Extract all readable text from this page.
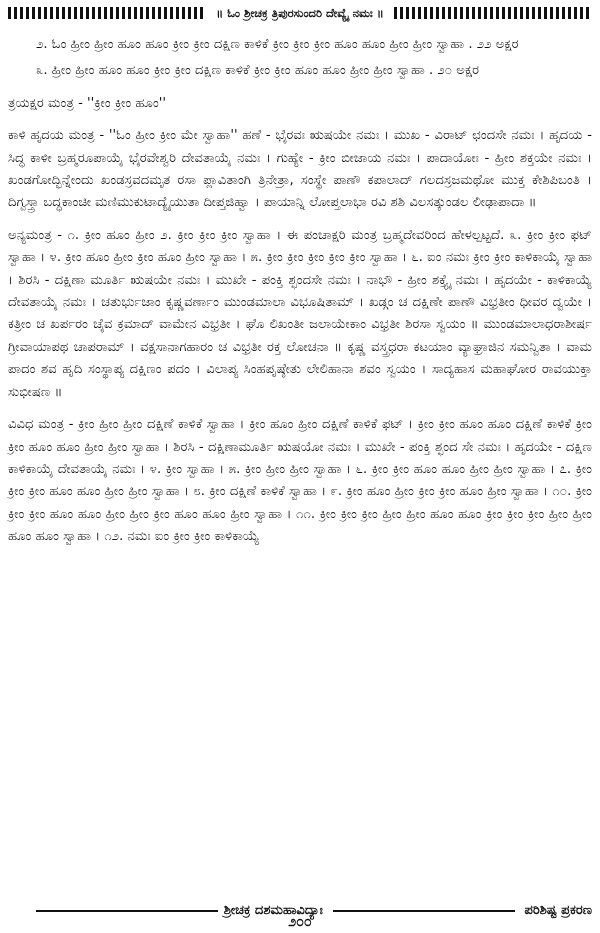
॥ ಓಂ ಶ್ರೀಚಕ್ರ ತ್ರಿಪುರಸುಂದರಿ ದೇವ್ಯೈ ನಮಃ ॥

೨. ಓಂ ಹ್ರೀಂ ಹ್ರೀಂ ಹೂಂ ಹೂಂ ಕ್ರೀಂ ಕ್ರೀಂ ದಕ್ಷಿಣ ಕಾಳಿಕೆ ಕ್ರೀಂ ಕ್ರೀಂ ಕ್ರೀಂ ಹೂಂ ಹೂಂ ಹ್ರೀಂ ಹ್ರೀಂ ಸ್ವಾಹಾ . ೨೨ ಅಕ್ಷರ

೩. ಹ್ರೀಂ ಹ್ರೀಂ ಹೂಂ ಹೂಂ ಕ್ರೀಂ ಕ್ರೀಂ ದಕ್ಷಿಣ ಕಾಳಿಕೆ ಕ್ರೀಂ ಕ್ರೀಂ ಹೂಂ ಹೂಂ ಹ್ರೀಂ ಹ್ರೀಂ ಸ್ವಾಹಾ . ೨೦ ಅಕ್ಷರ

ತ್ರಯಕ್ಷರ ಮಂತ್ರ - ''ಕ್ರೀಂ ಕ್ರೀಂ ಹೂಂ''

ಕಾಳಿ ಹೃದಯ ಮಂತ್ರ - ''ಓಂ ಹ್ರೀಂ ಕ್ರೀಂ ಮೇ ಸ್ವಾಹಾ'' ಹಣೆ - ಭೈರವಃ ಋಷಯೇ ನಮಃ । ಮುಖ - ವಿರಾಟ್ ಛಂದಸೇ ನಮಃ । ಹೃದಯ - ಸಿದ್ಧ ಕಾಳೀ ಬ್ರಹ್ಮರೂಪಾಯೈ ಭೈರವೇಶ್ವರಿ ದೇವತಾಯೈ ನಮಃ । ಗುಹ್ಯೇ - ಕ್ರೀಂ ಬೀಜಾಯ ನಮಃ । ಪಾದಾಯೋಃ - ಹ್ರೀಂ ಶಕ್ತಯೇ ನಮಃ । ಖಂಡಗೋದ್ಭಿನ್ನೇಂದು ಖಂಡಸ್ರವದಮೃತ ರಸಾ ಪ್ಲಾವಿತಾಂಗಿ ತ್ರಿನೇತ್ರಾ, ಸಂಸ್ಥೇ ಪಾಣೌ ಕಪಾಲಾದ್ ಗಲದಸ್ರಜಮಥೋ ಮುಕ್ತ ಕೇಶಿಪಿಬಂತಿ । ದಿಗ್ವಸ್ತ್ರಾ ಬದ್ಧಕಾಂಚೀ ಮಣಿಮುಕುಟಾದ್ಯೈಯುತಾ ದೀಪ್ತಜಿಹ್ವಾ । ಪಾಯಾನ್ನಿ ಲೋಪ್ತಲಾಭಾ ರವಿ ಶಶಿ ವಿಲಸತ್ಕುಂಡಲ ಲೀಢಾಪಾದಾ ॥

ಅನ್ಯಮಂತ್ರ - ೧. ಕ್ರೀಂ ಹೂಂ ಹ್ರೀಂ ೨. ಕ್ರೀಂ ಕ್ರೀಂ ಕ್ರೀಂ ಸ್ವಾಹಾ । ಈ ಪಂಚಾಕ್ಷರಿ ಮಂತ್ರ ಬ್ರಹ್ಮದೇವರಿಂದ ಹೇಳಲ್ಪಟ್ಟದೆ. ೩. ಕ್ರೀಂ ಕ್ರೀಂ ಫಟ್ ಸ್ವಾಹಾ । ೪. ಕ್ರೀಂ ಹೂಂ ಹ್ರೀಂ ಕ್ರೀಂ ಹೂಂ ಹ್ರೀಂ ಸ್ವಾಹಾ । ೫. ಕ್ರೀಂ ಕ್ರೀಂ ಕ್ರೀಂ ಕ್ರೀಂ ಕ್ರೀಂ ಸ್ವಾಹಾ । ೬. ಐಂ ನಮಃ ಕ್ರೀಂ ಕ್ರೀಂ ಕಾಳಿಕಾಯೈ ಸ್ವಾಹಾ । ಶಿರಸಿ - ದಕ್ಷಿಣಾ ಮೂರ್ತಿ ಋಷಯೇ ನಮಃ । ಮುಖೇ - ಪಂಕ್ತಿ ಶ್ಛಂದಸೇ ನಮಃ । ನಾಭೌ - ಹ್ರೀಂ ಶಕ್ತ್ಯೈ ನಮಃ । ಹೃದಯೇ - ಕಾಳಿಕಾಯ್ಯೆ ದೇವತಾಯೈ ನಮಃ । ಚತುರ್ಭುಜಾಂ ಕೃಷ್ಣವರ್ಣಾಂ ಮುಂಡಮಾಲಾ ವಿಭೂಷಿತಾಮ್ । ಖಡ್ಗಂ ಚ ದಕ್ಷಿಣೇ ಪಾಣೌ ವಿಭ್ರತೀಂ ಧೀವರ ದ್ವಯೇ । ಕತ್ರೀಂ ಚ ಖರ್ಪರಂ ಚೈವ ಕ್ರಮಾದ್ ವಾಮೇನ ವಿಭ್ರತೀ । ಘೊ ಲಿಖಂತೀ ಜಲಾಯೇಕಾಂ ವಿಭ್ರತೀ ಶಿರಸಾ ಸ್ವಯಂ ॥ ಮುಂಡಮಾಲಾಧರಾಶೀರ್ಷ ಗ್ರೀವಾಯಾಪಥ ಚಾಪರಾಮ್ । ವಕ್ಷಸಾನಾಗಹಾರಂ ಚ ವಿಭ್ರತೀ ರಕ್ತ ಲೋಚನಾ ॥ ಕೃಷ್ಣ ವಸ್ತ್ರಧರಾ ಕಟಯಾಂ ವ್ಯಾಘ್ರಾಜಿನ ಸಮನ್ವಿತಾ । ವಾಮ ಪಾದಂ ಶವ ಹೃದಿ ಸಂಸ್ಥಾಪ್ಯ ದಕ್ಷಿಣಂ ಪದಂ । ವಿಲಾಪ್ಯ ಸಿಂಹಪೃಷ್ಠೇತು ಲೇಲಿಹಾನಾ ಶವಂ ಸ್ವಯಂ । ಸಾದ್ಯಹಾಸ ಮಹಾಘೋರ ರಾವಯುಕ್ತಾ ಸುಭೀಷಣ ॥

ವಿವಿಧ ಮಂತ್ರ - ಕ್ರೀಂ ಹ್ರೀಂ ಹ್ರೀಂ ದಕ್ಷಿಣೆ ಕಾಳಿಕೆ ಸ್ವಾಹಾ । ಕ್ರೀಂ ಹೂಂ ಹ್ರೀಂ ದಕ್ಷಿಣೆ ಕಾಳಿಕೆ ಫಟ್ । ಕ್ರೀಂ ಕ್ರೀಂ ಹೂಂ ಹೂಂ ದಕ್ಷಿಣೆ ಕಾಳಿಕೆ ಕ್ರೀಂ ಕ್ರೀಂ ಹೂಂ ಹೂಂ ಹ್ರೀಂ ಹ್ರೀಂ ಸ್ವಾಹಾ । ಶಿರಸಿ - ದಕ್ಷಿಣಾಮೂರ್ತಿ ಋಷಯೋ ನಮಃ । ಮುಖೇ - ಪಂಕ್ತಿ ಶ್ಛಂದ ಸೇ ನಮಃ । ಹೃದಯೇ - ದಕ್ಷಿಣ ಕಾಳಿಕಾಯೈ ದೇವತಾಯೈ ನಮಃ । ೪. ಕ್ರೀಂ ಸ್ವಾಹಾ । ೫. ಕ್ರೀಂ ಹ್ರೀಂ ಹ್ರೀಂ ಸ್ವಾಹಾ । ೬. ಕ್ರೀಂ ಕ್ರೀಂ ಹೂಂ ಹೂಂ ಹ್ರೀಂ ಹ್ರೀಂ ಸ್ವಾಹಾ । ೭. ಕ್ರೀಂ ಕ್ರೀಂ ಕ್ರೀಂ ಹೂಂ ಹೂಂ ಹ್ರೀಂ ಹ್ರೀಂ ಸ್ವಾಹಾ । ೮. ಕ್ರೀಂ ದಕ್ಷಿಣೆ ಕಾಳಿಕೆ ಸ್ವಾಹಾ । ೯. ಕ್ರೀಂ ಹೂಂ ಹ್ರೀಂ ಕ್ರೀಂ ಕ್ರೀಂ ಹೂಂ ಹ್ರೀಂ ಸ್ವಾಹಾ । ೧೦. ಕ್ರೀಂ ಕ್ರೀಂ ಕ್ರೀಂ ಹೂಂ ಹೂಂ ಹ್ರೀಂ ಹ್ರೀಂ ಕ್ರೀಂ ಹೂಂ ಹೂಂ ಹ್ರೀಂ ಸ್ವಾಹಾ । ೧೧. ಕ್ರೀಂ ಕ್ರೀಂ ಕ್ರೀಂ ಹ್ರೀಂ ಹ್ರೀಂ ಹೂಂ ಹೂಂ ಕ್ರೀಂ ಕ್ರೀಂ ಕ್ರೀಂ ಹ್ರೀಂ ಹ್ರೀಂ ಹೂಂ ಹೂಂ ಸ್ವಾಹಾ । ೧೨. ನಮಃ ಐಂ ಕ್ರೀಂ ಕ್ರೀಂ ಕಾಳಿಕಾಯ್ಯೆ

ಶ್ರೀಚಕ್ರ ದಶಮಹಾವಿದ್ಯಾಃ	ಪರಿಶಿಷ್ಟ ಪ್ರಕರಣ
೨೦೦
